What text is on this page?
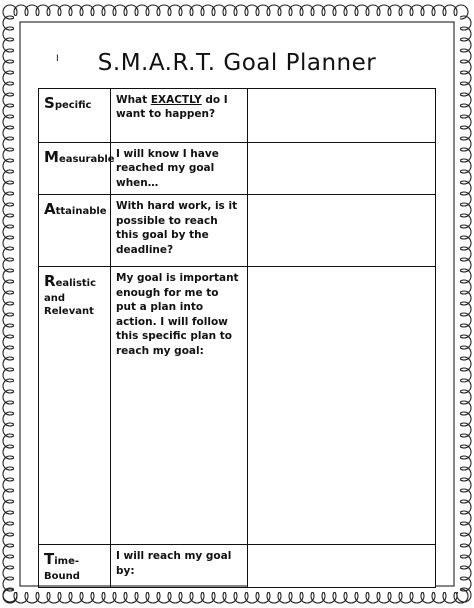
I	S.M.A.R.T. Goal Planner
Specific	What EXACTLY do I want to happen?	

Measurable	I will know I have reached my goal when…	

Attainable	With hard work, is it possible to reach this goal by the deadline?	

Realistic and Relevant	My goal is important enough for me to put a plan into action. I will follow this specific plan to reach my goal:	

Time-Bound	I will reach my goal by:	
